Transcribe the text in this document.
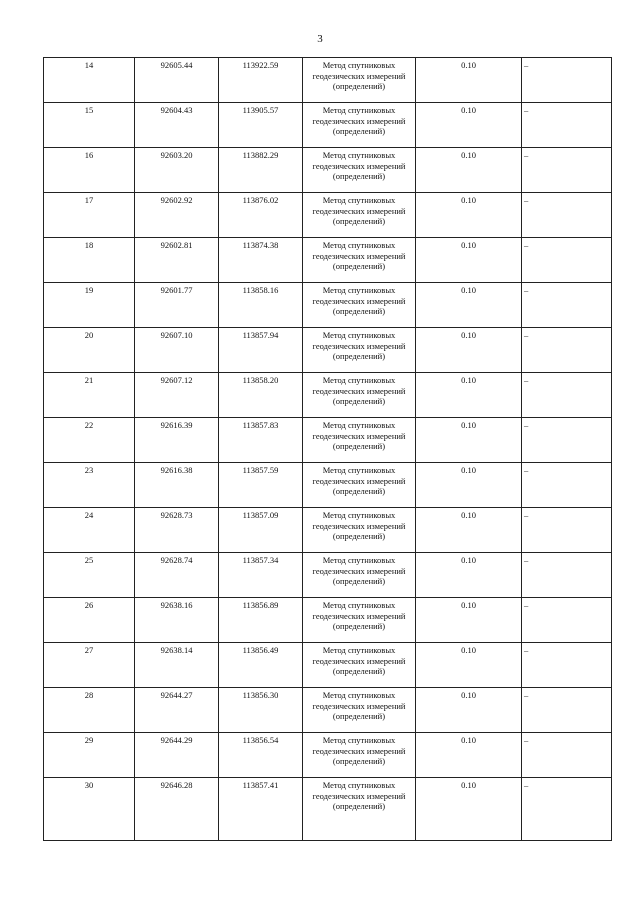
3
14	92605.44	113922.59	Метод спутниковых геодезических измерений (определений)	0.10	–
15	92604.43	113905.57	Метод спутниковых геодезических измерений (определений)	0.10	–
16	92603.20	113882.29	Метод спутниковых геодезических измерений (определений)	0.10	–
17	92602.92	113876.02	Метод спутниковых геодезических измерений (определений)	0.10	–
18	92602.81	113874.38	Метод спутниковых геодезических измерений (определений)	0.10	–
19	92601.77	113858.16	Метод спутниковых геодезических измерений (определений)	0.10	–
20	92607.10	113857.94	Метод спутниковых геодезических измерений (определений)	0.10	–
21	92607.12	113858.20	Метод спутниковых геодезических измерений (определений)	0.10	–
22	92616.39	113857.83	Метод спутниковых геодезических измерений (определений)	0.10	–
23	92616.38	113857.59	Метод спутниковых геодезических измерений (определений)	0.10	–
24	92628.73	113857.09	Метод спутниковых геодезических измерений (определений)	0.10	–
25	92628.74	113857.34	Метод спутниковых геодезических измерений (определений)	0.10	–
26	92638.16	113856.89	Метод спутниковых геодезических измерений (определений)	0.10	–
27	92638.14	113856.49	Метод спутниковых геодезических измерений (определений)	0.10	–
28	92644.27	113856.30	Метод спутниковых геодезических измерений (определений)	0.10	–
29	92644.29	113856.54	Метод спутниковых геодезических измерений (определений)	0.10	–
30	92646.28	113857.41	Метод спутниковых геодезических измерений (определений)	0.10	–
